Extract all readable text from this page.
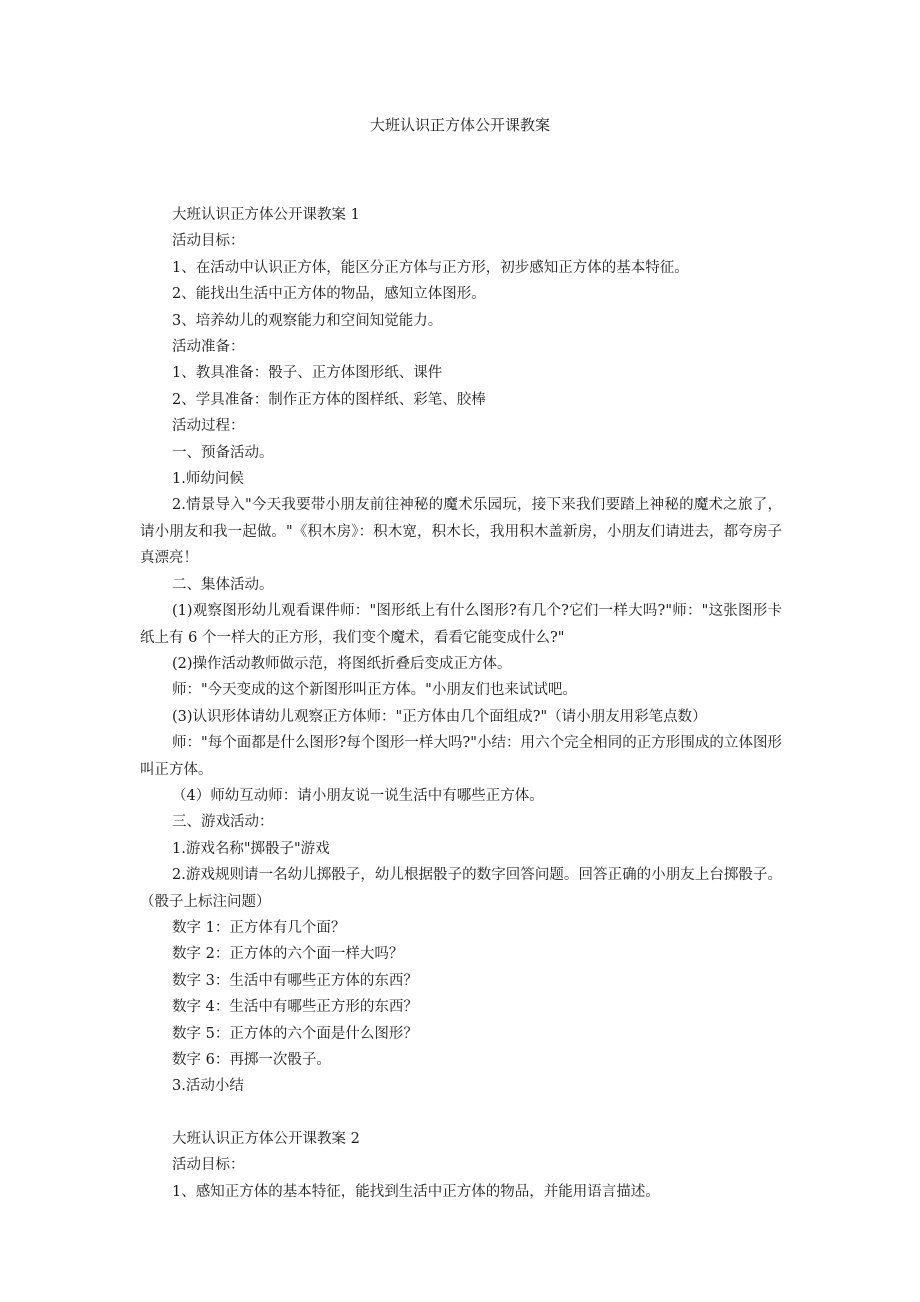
大班认识正方体公开课教案

大班认识正方体公开课教案 1

活动目标：

1、在活动中认识正方体，能区分正方体与正方形，初步感知正方体的基本特征。

2、能找出生活中正方体的物品，感知立体图形。

3、培养幼儿的观察能力和空间知觉能力。

活动准备：

1、教具准备：骰子、正方体图形纸、课件

2、学具准备：制作正方体的图样纸、彩笔、胶棒

活动过程：

一、预备活动。

1.师幼问候

2.情景导入"今天我要带小朋友前往神秘的魔术乐园玩，接下来我们要踏上神秘的魔术之旅了，请小朋友和我一起做。"《积木房》：积木宽，积木长，我用积木盖新房，小朋友们请进去，都夸房子真漂亮！

二、集体活动。

(1)观察图形幼儿观看课件师："图形纸上有什么图形?有几个?它们一样大吗?"师："这张图形卡纸上有 6 个一样大的正方形，我们变个魔术，看看它能变成什么?"

(2)操作活动教师做示范，将图纸折叠后变成正方体。

师："今天变成的这个新图形叫正方体。"小朋友们也来试试吧。

(3)认识形体请幼儿观察正方体师："正方体由几个面组成?"（请小朋友用彩笔点数）

师："每个面都是什么图形?每个图形一样大吗?"小结：用六个完全相同的正方形围成的立体图形叫正方体。

（4）师幼互动师：请小朋友说一说生活中有哪些正方体。

三、游戏活动：

1.游戏名称"掷骰子"游戏

2.游戏规则请一名幼儿掷骰子，幼儿根据骰子的数字回答问题。回答正确的小朋友上台掷骰子。（骰子上标注问题）

数字 1：正方体有几个面？

数字 2：正方体的六个面一样大吗？

数字 3：生活中有哪些正方体的东西？

数字 4：生活中有哪些正方形的东西？

数字 5：正方体的六个面是什么图形？

数字 6：再掷一次骰子。

3.活动小结

大班认识正方体公开课教案 2

活动目标：

1、感知正方体的基本特征，能找到生活中正方体的物品，并能用语言描述。
